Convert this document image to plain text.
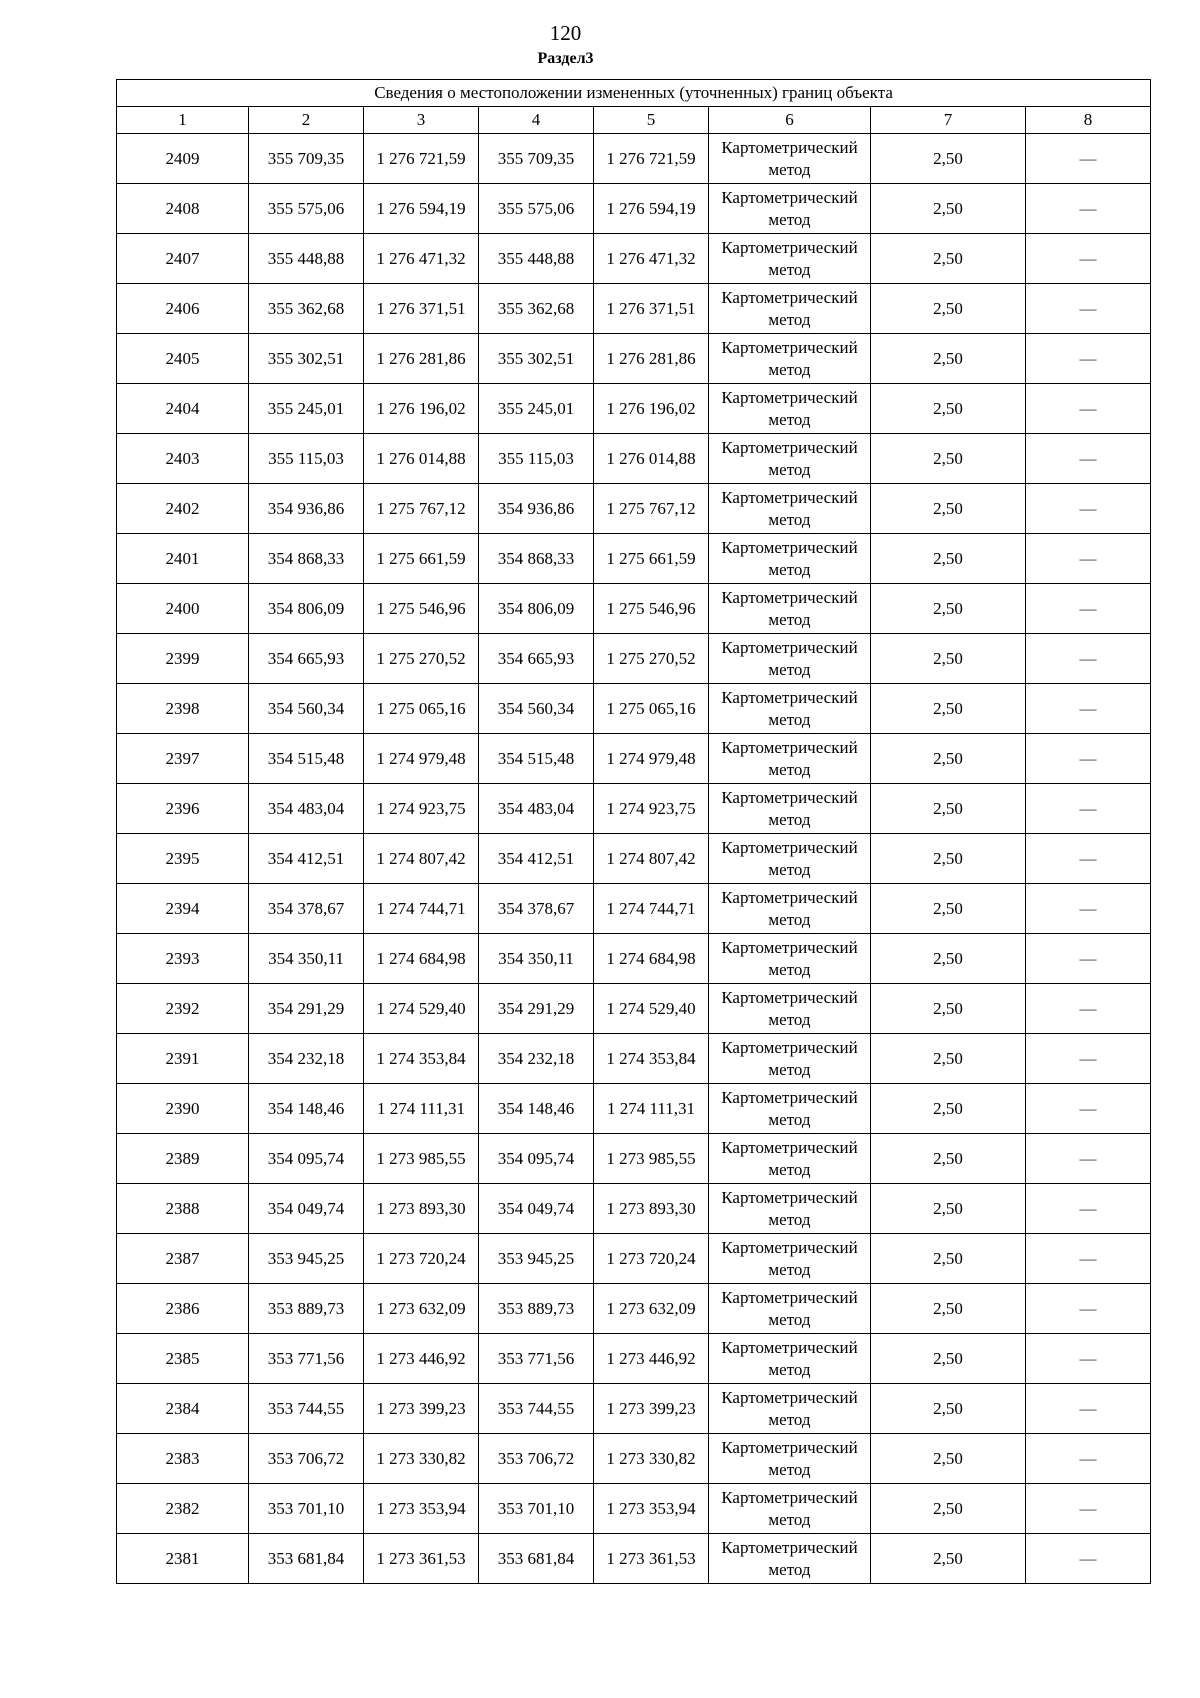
120
Раздел3
Сведения о местоположении измененных (уточненных) границ объекта							
1	2	3	4	5	6	7	8
2409	355 709,35	1 276 721,59	355 709,35	1 276 721,59	Картометрический метод	2,50	—
2408	355 575,06	1 276 594,19	355 575,06	1 276 594,19	Картометрический метод	2,50	—
2407	355 448,88	1 276 471,32	355 448,88	1 276 471,32	Картометрический метод	2,50	—
2406	355 362,68	1 276 371,51	355 362,68	1 276 371,51	Картометрический метод	2,50	—
2405	355 302,51	1 276 281,86	355 302,51	1 276 281,86	Картометрический метод	2,50	—
2404	355 245,01	1 276 196,02	355 245,01	1 276 196,02	Картометрический метод	2,50	—
2403	355 115,03	1 276 014,88	355 115,03	1 276 014,88	Картометрический метод	2,50	—
2402	354 936,86	1 275 767,12	354 936,86	1 275 767,12	Картометрический метод	2,50	—
2401	354 868,33	1 275 661,59	354 868,33	1 275 661,59	Картометрический метод	2,50	—
2400	354 806,09	1 275 546,96	354 806,09	1 275 546,96	Картометрический метод	2,50	—
2399	354 665,93	1 275 270,52	354 665,93	1 275 270,52	Картометрический метод	2,50	—
2398	354 560,34	1 275 065,16	354 560,34	1 275 065,16	Картометрический метод	2,50	—
2397	354 515,48	1 274 979,48	354 515,48	1 274 979,48	Картометрический метод	2,50	—
2396	354 483,04	1 274 923,75	354 483,04	1 274 923,75	Картометрический метод	2,50	—
2395	354 412,51	1 274 807,42	354 412,51	1 274 807,42	Картометрический метод	2,50	—
2394	354 378,67	1 274 744,71	354 378,67	1 274 744,71	Картометрический метод	2,50	—
2393	354 350,11	1 274 684,98	354 350,11	1 274 684,98	Картометрический метод	2,50	—
2392	354 291,29	1 274 529,40	354 291,29	1 274 529,40	Картометрический метод	2,50	—
2391	354 232,18	1 274 353,84	354 232,18	1 274 353,84	Картометрический метод	2,50	—
2390	354 148,46	1 274 111,31	354 148,46	1 274 111,31	Картометрический метод	2,50	—
2389	354 095,74	1 273 985,55	354 095,74	1 273 985,55	Картометрический метод	2,50	—
2388	354 049,74	1 273 893,30	354 049,74	1 273 893,30	Картометрический метод	2,50	—
2387	353 945,25	1 273 720,24	353 945,25	1 273 720,24	Картометрический метод	2,50	—
2386	353 889,73	1 273 632,09	353 889,73	1 273 632,09	Картометрический метод	2,50	—
2385	353 771,56	1 273 446,92	353 771,56	1 273 446,92	Картометрический метод	2,50	—
2384	353 744,55	1 273 399,23	353 744,55	1 273 399,23	Картометрический метод	2,50	—
2383	353 706,72	1 273 330,82	353 706,72	1 273 330,82	Картометрический метод	2,50	—
2382	353 701,10	1 273 353,94	353 701,10	1 273 353,94	Картометрический метод	2,50	—
2381	353 681,84	1 273 361,53	353 681,84	1 273 361,53	Картометрический метод	2,50	—
